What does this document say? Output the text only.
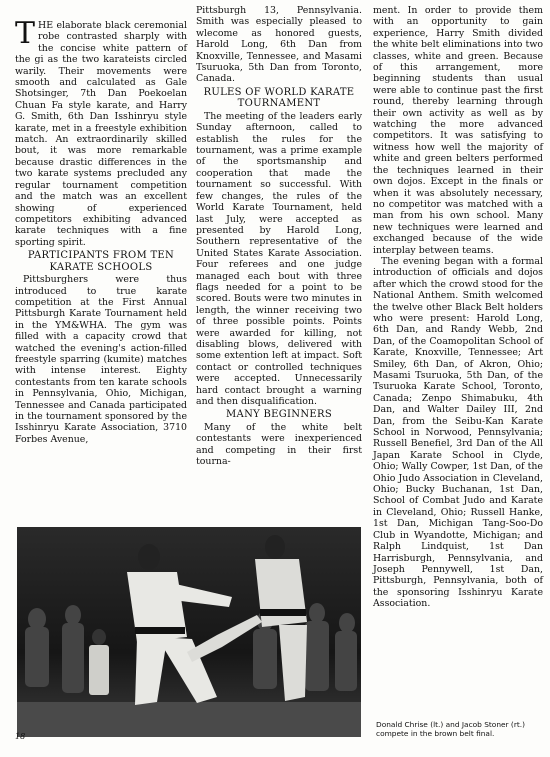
THE elaborate black ceremonial robe contrasted sharply with the concise white pattern of the gi as the two karateists circled warily. Their movements were smooth and calculated as Gale Shotsinger, 7th Dan Poekoelan Chuan Fa style karate, and Harry G. Smith, 6th Dan Isshinryu style karate, met in a freestyle exhibition match. An extraordinarily skilled bout, it was more remarkable because drastic differences in the two karate systems precluded any regular tournament competition and the match was an excellent showing of experienced competitors exhibiting advanced karate techniques with a fine sporting spirit.

PARTICIPANTS FROM TEN KARATE SCHOOLS

Pittsburghers were thus introduced to true karate competition at the First Annual Pittsburgh Karate Tournament held in the YM&WHA. The gym was filled with a capacity crowd that watched the evening's action-filled freestyle sparring (kumite) matches with intense interest. Eighty contestants from ten karate schools in Pennsylvania, Ohio, Michigan, Tennessee and Canada participated in the tournament sponsored by the Isshinryu Karate Association, 3710 Forbes Avenue,

Pittsburgh 13, Pennsylvania. Smith was especially pleased to wlecome as honored guests, Harold Long, 6th Dan from Knoxville, Tennessee, and Masami Tsuruoka, 5th Dan from Toronto, Canada.

RULES OF WORLD KARATE TOURNAMENT

The meeting of the leaders early Sunday afternoon, called to establish the rules for the tournament, was a prime example of the sportsmanship and cooperation that made the tournament so successful. With few changes, the rules of the World Karate Tournament, held last July, were accepted as presented by Harold Long, Southern representative of the United States Karate Association. Four referees and one judge managed each bout with three flags needed for a point to be scored. Bouts were two minutes in length, the winner receiving two of three possible points. Points were awarded for killing, not disabling blows, delivered with some extention left at impact. Soft contact or controlled techniques were accepted. Unnecessarily hard contact brought a warning and then disqualification.

MANY BEGINNERS

Many of the white belt contestants were inexperienced and competing in their first tourna-

ment. In order to provide them with an opportunity to gain experience, Harry Smith divided the white belt eliminations into two classes, white and green. Because of this arrangement, more beginning students than usual were able to continue past the first round, thereby learning through their own activity as well as by watching the more advanced competitors. It was satisfying to witness how well the majority of white and green belters performed the techniques learned in their own dojos. Except in the finals or when it was absolutely necessary, no competitor was matched with a man from his own school. Many new techniques were learned and exchanged because of the wide interplay between teams.

The evening began with a formal introduction of officials and dojos after which the crowd stood for the National Anthem. Smith welcomed the twelve other Black Belt holders who were present: Harold Long, 6th Dan, and Randy Webb, 2nd Dan, of the Coamopolitan School of Karate, Knoxville, Tennessee; Art Smiley, 6th Dan, of Akron, Ohio; Masami Tsuruoka, 5th Dan, of the Tsuruoka Karate School, Toronto, Canada; Zenpo Shimabuku, 4th Dan, and Walter Dailey III, 2nd Dan, from the Seibu-Kan Karate School in Norwood, Pennsylvania; Russell Benefiel, 3rd Dan of the All Japan Karate School in Clyde, Ohio; Wally Cowper, 1st Dan, of the Ohio Judo Association in Cleveland, Ohio; Bucky Buchanan, 1st Dan, School of Combat Judo and Karate in Cleveland, Ohio; Russell Hanke, 1st Dan, Michigan Tang-Soo-Do Club in Wyandotte, Michigan; and Ralph Lindquist, 1st Dan Harrisburgh, Pennsylvania, and Joseph Pennywell, 1st Dan, Pittsburgh, Pennsylvania, both of the sponsoring Isshinryu Karate Association.

Donald Chrise (lt.) and Jacob Stoner (rt.) compete in the brown belt final.
18
